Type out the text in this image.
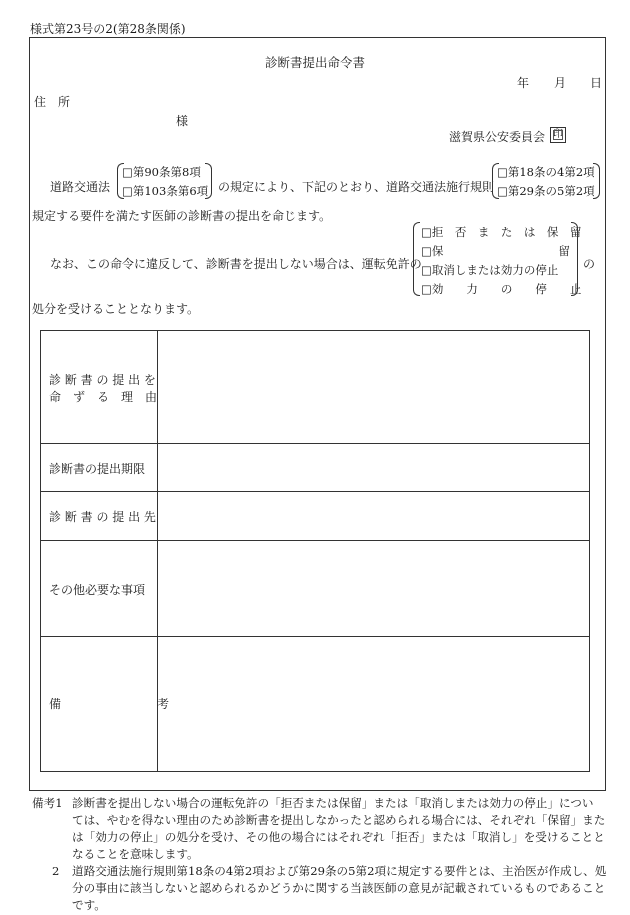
様式第23号の2(第28条関係)
診断書提出命令書
年 月 日
住　所
様
滋賀県公安委員会 印
道路交通法
□第90条第8項
□第103条第6項 の規定により、下記のとおり、道路交通法施行規則
□第18条の4第2項
□第29条の5第2項
規定する要件を満たす医師の診断書の提出を命じます。
なお、この命令に違反して、診断書を提出しない場合は、運転免許の
□拒　否　ま　た　は　保　留
□保　　　　　　　　　　留
□取消しまたは効力の停止
□効　　力　　の　　停　　止
の
処分を受けることとなります。
診 断 書 の 提 出 を
命　ず　る　理　由
診断書の提出期限
診 断 書 の 提 出 先
その他必要な事項
備　　　　　　　　考
備考1 診断書を提出しない場合の運転免許の「拒否または保留」または「取消しまたは効力の停止」につい
ては、やむを得ない理由のため診断書を提出しなかったと認められる場合には、それぞれ「保留」また
は「効力の停止」の処分を受け、その他の場合にはそれぞれ「拒否」または「取消し」を受けることと
なることを意味します。
2 道路交通法施行規則第18条の4第2項および第29条の5第2項に規定する要件とは、主治医が作成し、処
分の事由に該当しないと認められるかどうかに関する当該医師の意見が記載されているものであること
です。
